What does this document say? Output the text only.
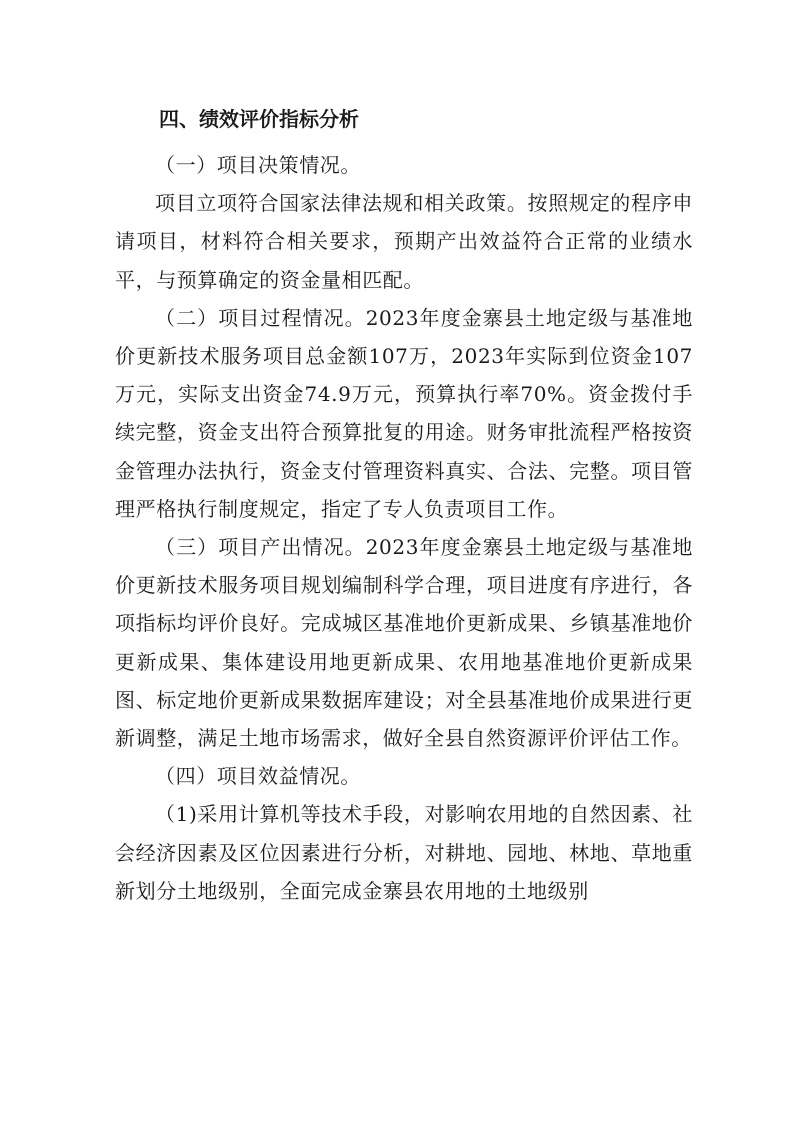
四、绩效评价指标分析

（一）项目决策情况。

项目立项符合国家法律法规和相关政策。按照规定的程序申请项目，材料符合相关要求，预期产出效益符合正常的业绩水平，与预算确定的资金量相匹配。

（二）项目过程情况。2023年度金寨县土地定级与基准地价更新技术服务项目总金额107万，2023年实际到位资金107万元，实际支出资金74.9万元，预算执行率70%。资金拨付手续完整，资金支出符合预算批复的用途。财务审批流程严格按资金管理办法执行，资金支付管理资料真实、合法、完整。项目管理严格执行制度规定，指定了专人负责项目工作。

（三）项目产出情况。2023年度金寨县土地定级与基准地价更新技术服务项目规划编制科学合理，项目进度有序进行，各项指标均评价良好。完成城区基准地价更新成果、乡镇基准地价更新成果、集体建设用地更新成果、农用地基准地价更新成果图、标定地价更新成果数据库建设；对全县基准地价成果进行更新调整，满足土地市场需求，做好全县自然资源评价评估工作。

（四）项目效益情况。

（1)采用计算机等技术手段，对影响农用地的自然因素、社会经济因素及区位因素进行分析，对耕地、园地、林地、草地重新划分土地级别，全面完成金寨县农用地的土地级别
